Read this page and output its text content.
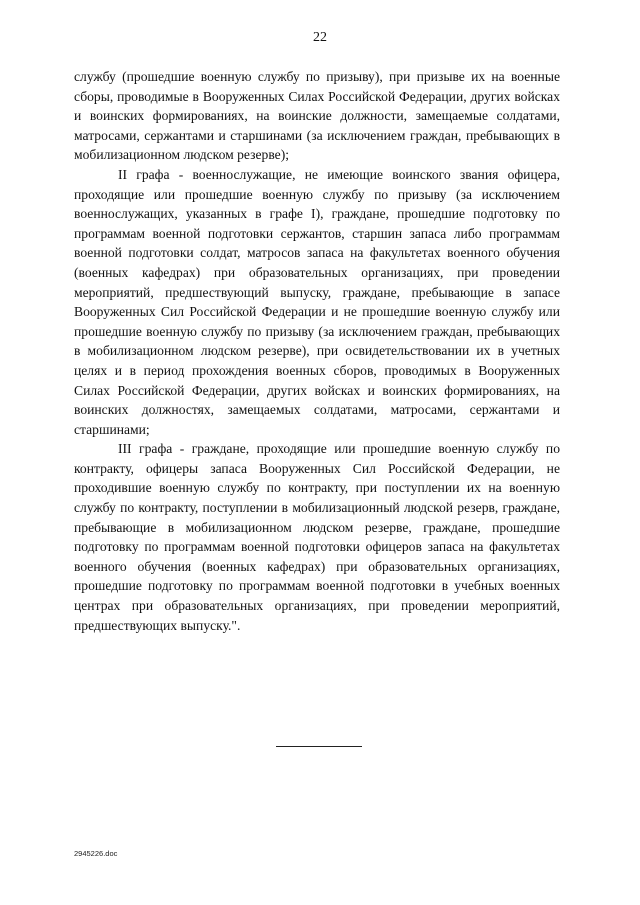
22

службу (прошедшие военную службу по призыву), при призыве их на военные сборы, проводимые в Вооруженных Силах Российской Федерации, других войсках и воинских формированиях, на воинские должности, замещаемые солдатами, матросами, сержантами и старшинами (за исключением граждан, пребывающих в мобилизационном людском резерве);

II графа - военнослужащие, не имеющие воинского звания офицера, проходящие или прошедшие военную службу по призыву (за исключением военнослужащих, указанных в графе I), граждане, прошедшие подготовку по программам военной подготовки сержантов, старшин запаса либо программам военной подготовки солдат, матросов запаса на факультетах военного обучения (военных кафедрах) при образовательных организациях, при проведении мероприятий, предшествующий выпуску, граждане, пребывающие в запасе Вооруженных Сил Российской Федерации и не прошедшие военную службу или прошедшие военную службу по призыву (за исключением граждан, пребывающих в мобилизационном людском резерве), при освидетельствовании их в учетных целях и в период прохождения военных сборов, проводимых в Вооруженных Силах Российской Федерации, других войсках и воинских формированиях, на воинских должностях, замещаемых солдатами, матросами, сержантами и старшинами;

III графа - граждане, проходящие или прошедшие военную службу по контракту, офицеры запаса Вооруженных Сил Российской Федерации, не проходившие военную службу по контракту, при поступлении их на военную службу по контракту, поступлении в мобилизационный людской резерв, граждане, пребывающие в мобилизационном людском резерве, граждане, прошедшие подготовку по программам военной подготовки офицеров запаса на факультетах военного обучения (военных кафедрах) при образовательных организациях, прошедшие подготовку по программам военной подготовки в учебных военных центрах при образовательных организациях, при проведении мероприятий, предшествующих выпуску.".

2945226.doc
